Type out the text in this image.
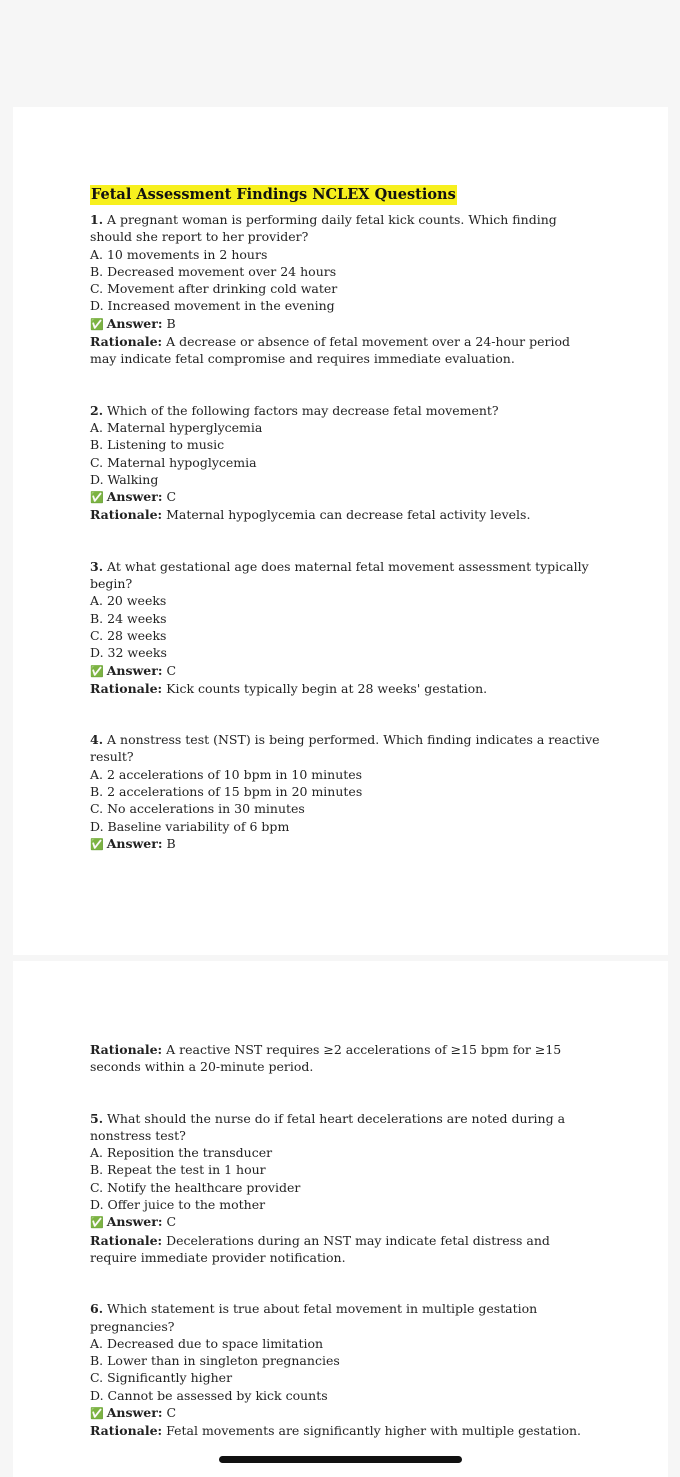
Fetal Assessment Findings NCLEX Questions
1. A pregnant woman is performing daily fetal kick counts. Which finding should she report to her provider?
A. 10 movements in 2 hours
B. Decreased movement over 24 hours
C. Movement after drinking cold water
D. Increased movement in the evening
✅ Answer: B
Rationale: A decrease or absence of fetal movement over a 24-hour period may indicate fetal compromise and requires immediate evaluation.
2. Which of the following factors may decrease fetal movement?
A. Maternal hyperglycemia
B. Listening to music
C. Maternal hypoglycemia
D. Walking
✅ Answer: C
Rationale: Maternal hypoglycemia can decrease fetal activity levels.
3. At what gestational age does maternal fetal movement assessment typically begin?
A. 20 weeks
B. 24 weeks
C. 28 weeks
D. 32 weeks
✅ Answer: C
Rationale: Kick counts typically begin at 28 weeks' gestation.
4. A nonstress test (NST) is being performed. Which finding indicates a reactive result?
A. 2 accelerations of 10 bpm in 10 minutes
B. 2 accelerations of 15 bpm in 20 minutes
C. No accelerations in 30 minutes
D. Baseline variability of 6 bpm
✅ Answer: B
Rationale: A reactive NST requires ≥2 accelerations of ≥15 bpm for ≥15 seconds within a 20-minute period.
5. What should the nurse do if fetal heart decelerations are noted during a nonstress test?
A. Reposition the transducer
B. Repeat the test in 1 hour
C. Notify the healthcare provider
D. Offer juice to the mother
✅ Answer: C
Rationale: Decelerations during an NST may indicate fetal distress and require immediate provider notification.
6. Which statement is true about fetal movement in multiple gestation pregnancies?
A. Decreased due to space limitation
B. Lower than in singleton pregnancies
C. Significantly higher
D. Cannot be assessed by kick counts
✅ Answer: C
Rationale: Fetal movements are significantly higher with multiple gestation.
